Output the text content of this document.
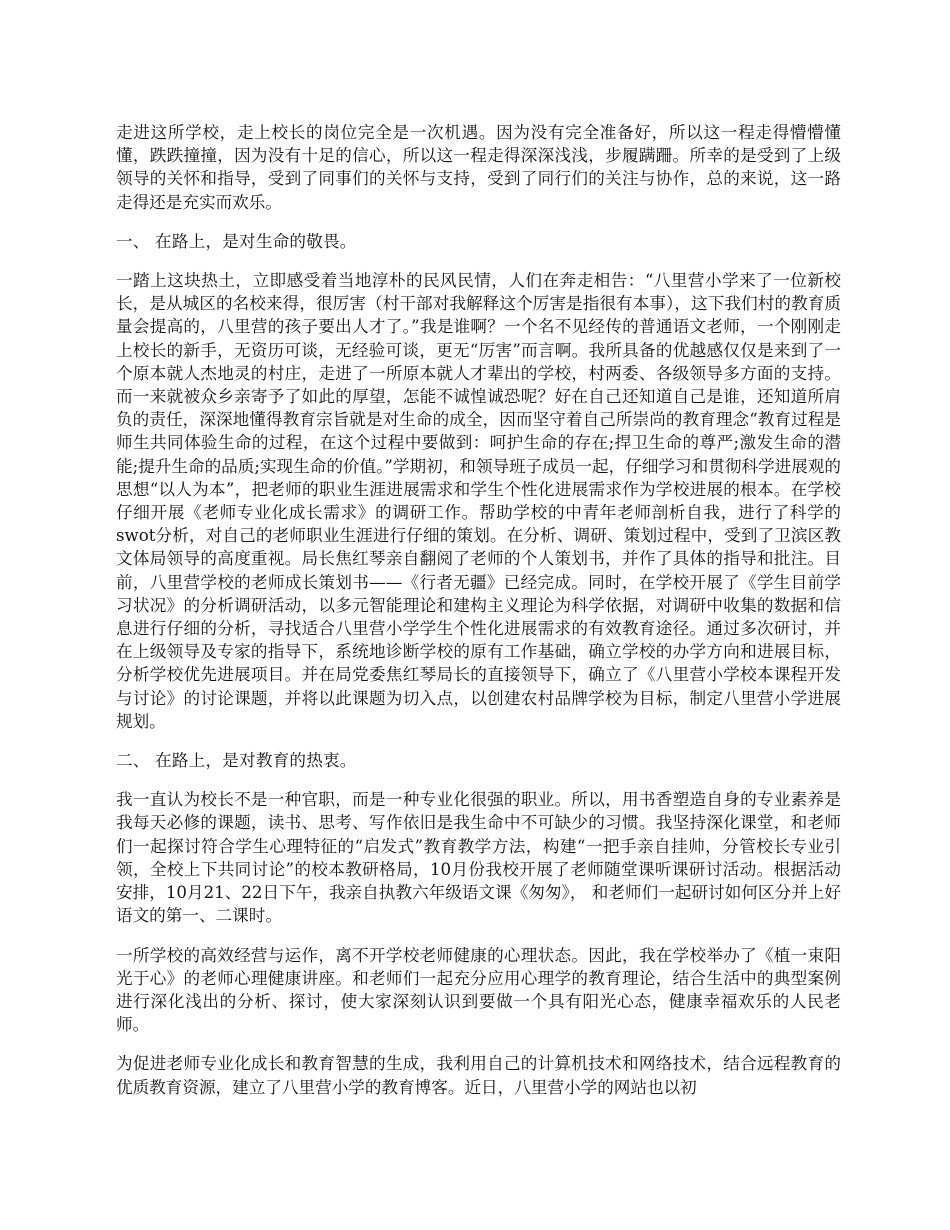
走进这所学校，走上校长的岗位完全是一次机遇。因为没有完全准备好，所以这一程走得懵懵懂懂，跌跌撞撞，因为没有十足的信心，所以这一程走得深深浅浅，步履蹒跚。所幸的是受到了上级领导的关怀和指导，受到了同事们的关怀与支持，受到了同行们的关注与协作，总的来说，这一路走得还是充实而欢乐。

一、 在路上，是对生命的敬畏。

一踏上这块热土，立即感受着当地淳朴的民风民情，人们在奔走相告：“八里营小学来了一位新校长，是从城区的名校来得，很厉害（村干部对我解释这个厉害是指很有本事），这下我们村的教育质量会提高的，八里营的孩子要出人才了。”我是谁啊？一个名不见经传的普通语文老师，一个刚刚走上校长的新手，无资历可谈，无经验可谈，更无“厉害”而言啊。我所具备的优越感仅仅是来到了一个原本就人杰地灵的村庄，走进了一所原本就人才辈出的学校，村两委、各级领导多方面的支持。而一来就被众乡亲寄予了如此的厚望，怎能不诚惶诚恐呢？好在自己还知道自己是谁，还知道所肩负的责任，深深地懂得教育宗旨就是对生命的成全，因而坚守着自己所崇尚的教育理念“教育过程是师生共同体验生命的过程，在这个过程中要做到：呵护生命的存在;捍卫生命的尊严;激发生命的潜能;提升生命的品质;实现生命的价值。”学期初，和领导班子成员一起，仔细学习和贯彻科学进展观的思想“以人为本”，把老师的职业生涯进展需求和学生个性化进展需求作为学校进展的根本。在学校仔细开展《老师专业化成长需求》的调研工作。帮助学校的中青年老师剖析自我，进行了科学的swot分析，对自己的老师职业生涯进行仔细的策划。在分析、调研、策划过程中，受到了卫滨区教文体局领导的高度重视。局长焦红琴亲自翻阅了老师的个人策划书，并作了具体的指导和批注。目前，八里营学校的老师成长策划书——《行者无疆》已经完成。同时，在学校开展了《学生目前学习状况》的分析调研活动，以多元智能理论和建构主义理论为科学依据，对调研中收集的数据和信息进行仔细的分析，寻找适合八里营小学学生个性化进展需求的有效教育途径。通过多次研讨，并在上级领导及专家的指导下，系统地诊断学校的原有工作基础，确立学校的办学方向和进展目标，分析学校优先进展项目。并在局党委焦红琴局长的直接领导下，确立了《八里营小学校本课程开发与讨论》的讨论课题，并将以此课题为切入点，以创建农村品牌学校为目标，制定八里营小学进展规划。

二、 在路上，是对教育的热衷。

我一直认为校长不是一种官职，而是一种专业化很强的职业。所以，用书香塑造自身的专业素养是我每天必修的课题，读书、思考、写作依旧是我生命中不可缺少的习惯。我坚持深化课堂，和老师们一起探讨符合学生心理特征的“启发式”教育教学方法，构建“一把手亲自挂帅，分管校长专业引领，全校上下共同讨论”的校本教研格局，10月份我校开展了老师随堂课听课研讨活动。根据活动安排，10月21、22日下午，我亲自执教六年级语文课《匆匆》， 和老师们一起研讨如何区分并上好语文的第一、二课时。

一所学校的高效经营与运作，离不开学校老师健康的心理状态。因此，我在学校举办了《植一束阳光于心》的老师心理健康讲座。和老师们一起充分应用心理学的教育理论，结合生活中的典型案例进行深化浅出的分析、探讨，使大家深刻认识到要做一个具有阳光心态，健康幸福欢乐的人民老师。

为促进老师专业化成长和教育智慧的生成，我利用自己的计算机技术和网络技术，结合远程教育的优质教育资源，建立了八里营小学的教育博客。近日，八里营小学的网站也以初
